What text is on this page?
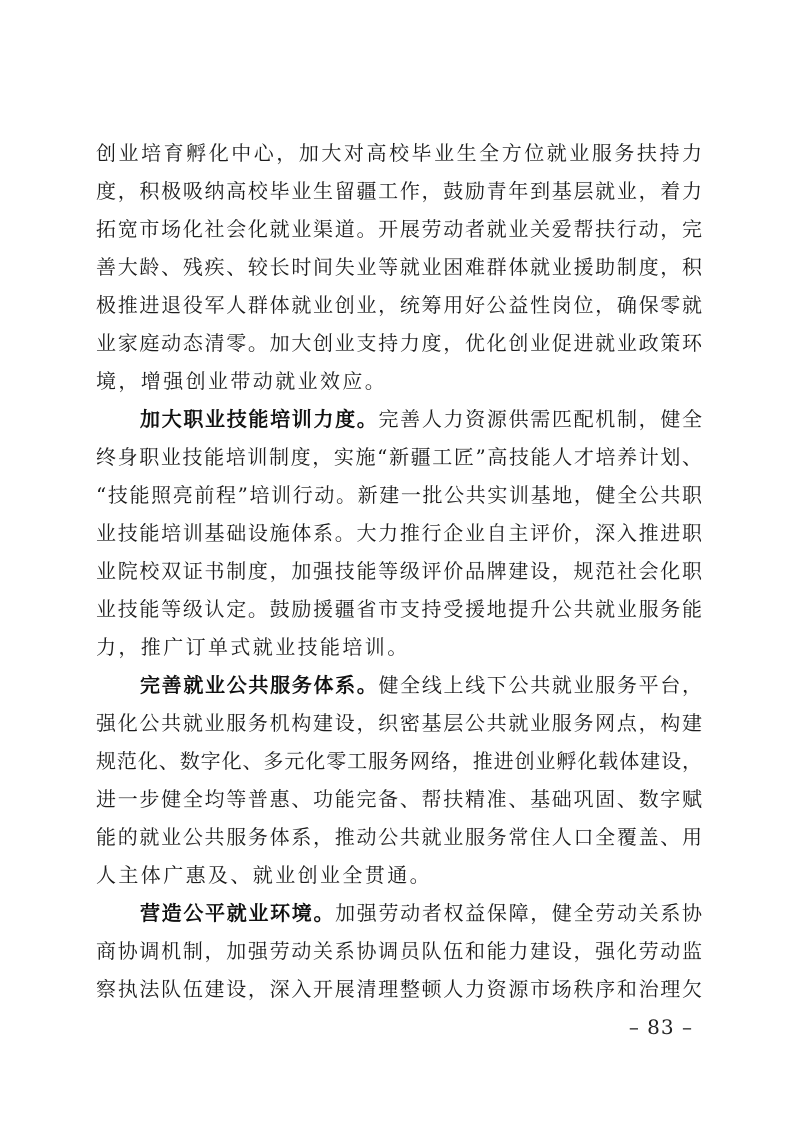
创业培育孵化中心，加大对高校毕业生全方位就业服务扶持力
度，积极吸纳高校毕业生留疆工作，鼓励青年到基层就业，着力
拓宽市场化社会化就业渠道。开展劳动者就业关爱帮扶行动，完
善大龄、残疾、较长时间失业等就业困难群体就业援助制度，积
极推进退役军人群体就业创业，统筹用好公益性岗位，确保零就
业家庭动态清零。加大创业支持力度，优化创业促进就业政策环
境，增强创业带动就业效应。
加大职业技能培训力度。完善人力资源供需匹配机制，健全
终身职业技能培训制度，实施“新疆工匠”高技能人才培养计划、
“技能照亮前程”培训行动。新建一批公共实训基地，健全公共职
业技能培训基础设施体系。大力推行企业自主评价，深入推进职
业院校双证书制度，加强技能等级评价品牌建设，规范社会化职
业技能等级认定。鼓励援疆省市支持受援地提升公共就业服务能
力，推广订单式就业技能培训。
完善就业公共服务体系。健全线上线下公共就业服务平台，
强化公共就业服务机构建设，织密基层公共就业服务网点，构建
规范化、数字化、多元化零工服务网络，推进创业孵化载体建设，
进一步健全均等普惠、功能完备、帮扶精准、基础巩固、数字赋
能的就业公共服务体系，推动公共就业服务常住人口全覆盖、用
人主体广惠及、就业创业全贯通。
营造公平就业环境。加强劳动者权益保障，健全劳动关系协
商协调机制，加强劳动关系协调员队伍和能力建设，强化劳动监
察执法队伍建设，深入开展清理整顿人力资源市场秩序和治理欠
– 83 –
